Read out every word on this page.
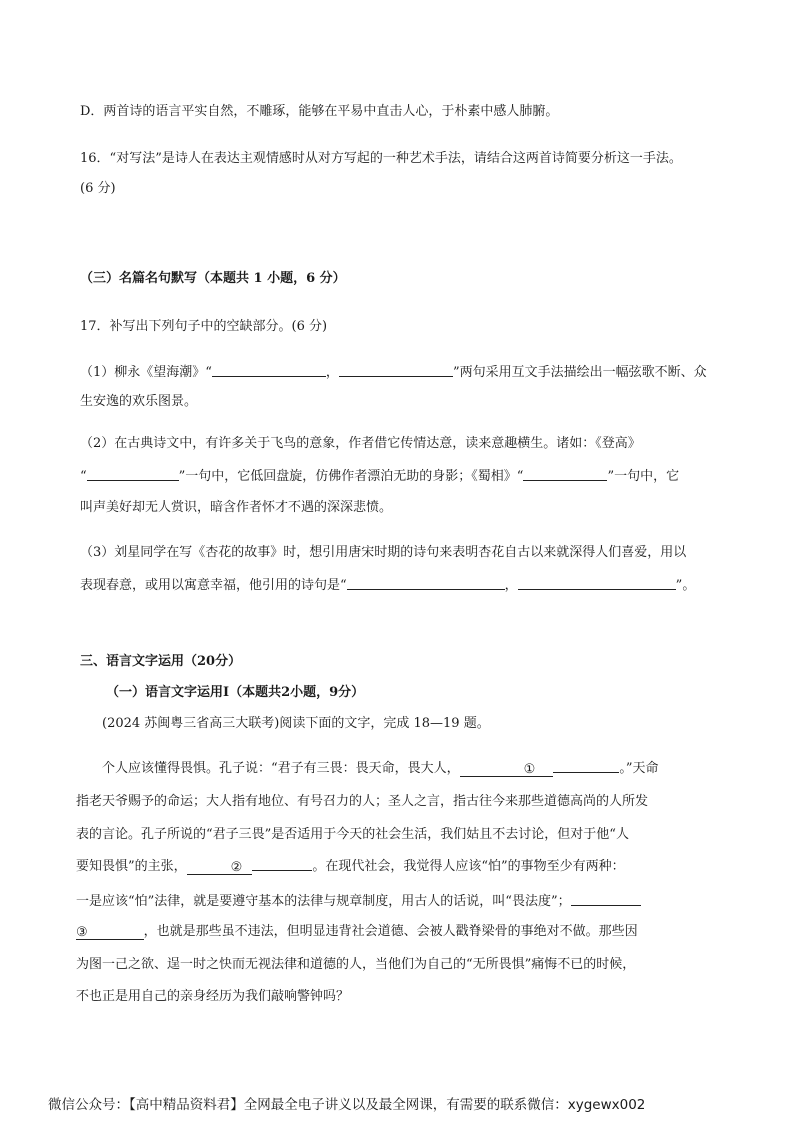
D．两首诗的语言平实自然，不雕琢，能够在平易中直击人心，于朴素中感人肺腑。
16．“对写法”是诗人在表达主观情感时从对方写起的一种艺术手法，请结合这两首诗简要分析这一手法。
(6 分)
（三）名篇名句默写（本题共 1 小题，6 分）
17．补写出下列句子中的空缺部分。(6 分)
（1）柳永《望海潮》“	，	”两句采用互文手法描绘出一幅弦歌不断、众
生安逸的欢乐图景。
（2）在古典诗文中，有许多关于飞鸟的意象，作者借它传情达意，读来意趣横生。诸如：《登高》
“	”一句中，它低回盘旋，仿佛作者漂泊无助的身影；《蜀相》“	”一句中，它
叫声美好却无人赏识，暗含作者怀才不遇的深深悲愤。
（3）刘星同学在写《杏花的故事》时，想引用唐宋时期的诗句来表明杏花自古以来就深得人们喜爱，用以
表现春意，或用以寓意幸福，他引用的诗句是“	，	”。
三、语言文字运用（20分）
（一）语言文字运用Ⅰ（本题共2小题，9分）
(2024 苏闽粤三省高三大联考)阅读下面的文字，完成 18—19 题。
个人应该懂得畏惧。孔子说：“君子有三畏：畏天命，畏大人，	①	。”天命
指老天爷赐予的命运；大人指有地位、有号召力的人；圣人之言，指古往今来那些道德高尚的人所发
表的言论。孔子所说的“君子三畏”是否适用于今天的社会生活，我们姑且不去讨论，但对于他“人
要知畏惧”的主张，	②	。在现代社会，我觉得人应该“怕”的事物至少有两种：
一是应该“怕”法律，就是要遵守基本的法律与规章制度，用古人的话说，叫“畏法度”；
③	，也就是那些虽不违法，但明显违背社会道德、会被人戳脊梁骨的事绝对不做。那些因
为图一己之欲、逞一时之快而无视法律和道德的人，当他们为自己的“无所畏惧”痛悔不已的时候，
不也正是用自己的亲身经历为我们敲响警钟吗？
微信公众号：【高中精品资料君】全网最全电子讲义以及最全网课，有需要的联系微信：xygewx002
